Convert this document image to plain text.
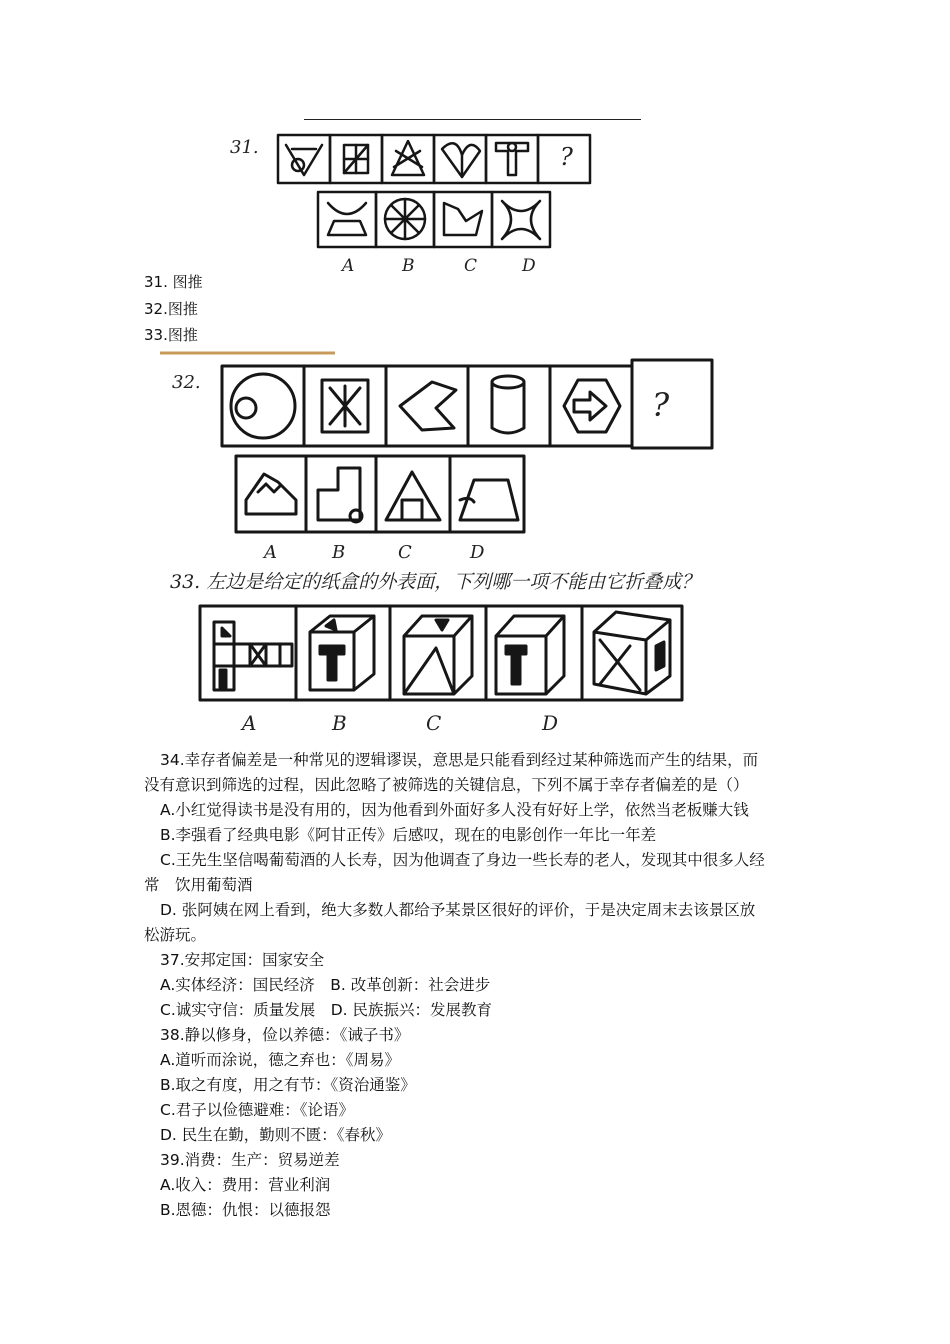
31.	?
A	B	C	D
31. 图推
32.图推
33.图推
32.
?
A	B	C	D
33. 左边是给定的纸盒的外表面，下列哪一项不能由它折叠成？
A	B	C	D
34.幸存者偏差是一种常见的逻辑谬误，意思是只能看到经过某种筛选而产生的结果，而
没有意识到筛选的过程，因此忽略了被筛选的关键信息，下列不属于幸存者偏差的是（）
A.小红觉得读书是没有用的，因为他看到外面好多人没有好好上学，依然当老板赚大钱
B.李强看了经典电影《阿甘正传》后感叹，现在的电影创作一年比一年差
C.王先生坚信喝葡萄酒的人长寿，因为他调查了身边一些长寿的老人，发现其中很多人经
常　饮用葡萄酒
D. 张阿姨在网上看到，绝大多数人都给予某景区很好的评价，于是决定周末去该景区放
松游玩。
37.安邦定国：国家安全
A.实体经济：国民经济　B. 改革创新：社会进步
C.诚实守信：质量发展　D. 民族振兴：发展教育
38.静以修身，俭以养德：《诫子书》
A.道听而涂说，德之弃也：《周易》
B.取之有度，用之有节：《资治通鉴》
C.君子以俭德避难：《论语》
D. 民生在勤，勤则不匮：《春秋》
39.消费：生产：贸易逆差
A.收入：费用：营业利润
B.恩德：仇恨：以德报怨
